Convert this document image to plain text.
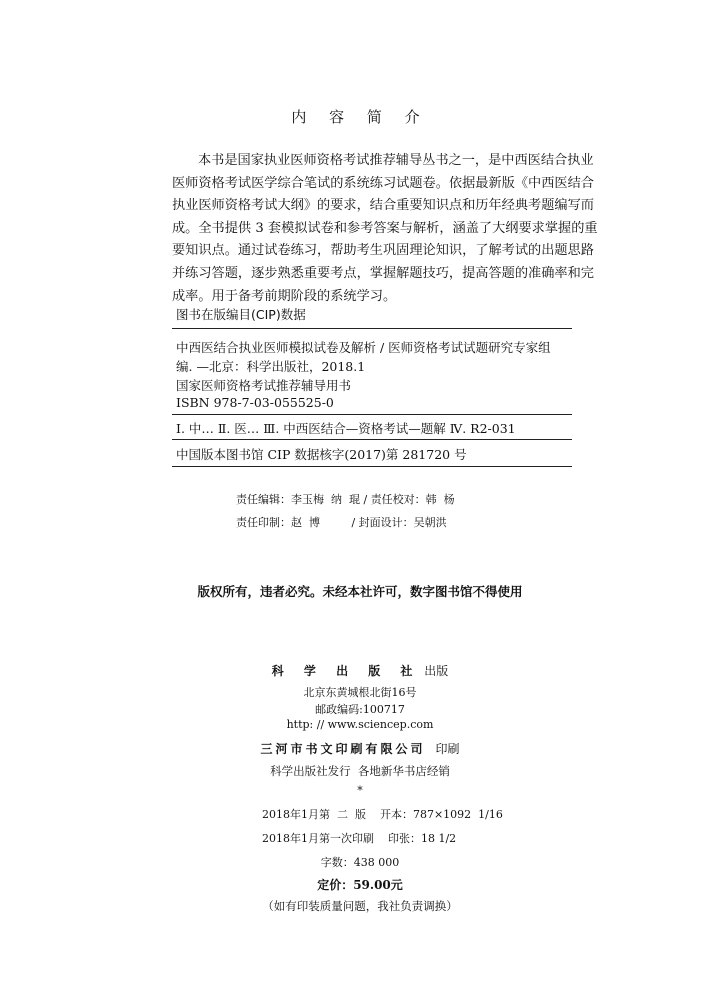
内 容 简 介
本书是国家执业医师资格考试推荐辅导丛书之一，是中西医结合执业
医师资格考试医学综合笔试的系统练习试题卷。依据最新版《中西医结合
执业医师资格考试大纲》的要求，结合重要知识点和历年经典考题编写而
成。全书提供 3 套模拟试卷和参考答案与解析，涵盖了大纲要求掌握的重
要知识点。通过试卷练习，帮助考生巩固理论知识，了解考试的出题思路
并练习答题，逐步熟悉重要考点，掌握解题技巧，提高答题的准确率和完
成率。用于备考前期阶段的系统学习。
图书在版编目(CIP)数据
中西医结合执业医师模拟试卷及解析 / 医师资格考试试题研究专家组
编. —北京：科学出版社，2018.1
国家医师资格考试推荐辅导用书
ISBN 978-7-03-055525-0
Ⅰ. 中… Ⅱ. 医… Ⅲ. 中西医结合—资格考试—题解 Ⅳ. R2-031
中国版本图书馆 CIP 数据核字(2017)第 281720 号
责任编辑：李玉梅  纳  琨 / 责任校对：韩  杨
责任印制：赵  博         / 封面设计：吴朝洪
版权所有，违者必究。未经本社许可，数字图书馆不得使用
科 学 出 版 社 出版
北京东黄城根北街16号
邮政编码:100717
http: // www.sciencep.com
三河市书文印刷有限公司 印刷
科学出版社发行  各地新华书店经销
*
2018年1月第  二  版    开本：787×1092  1/16
2018年1月第一次印刷    印张：18 1/2
字数：438 000
定价：59.00元
（如有印装质量问题，我社负责调换）
